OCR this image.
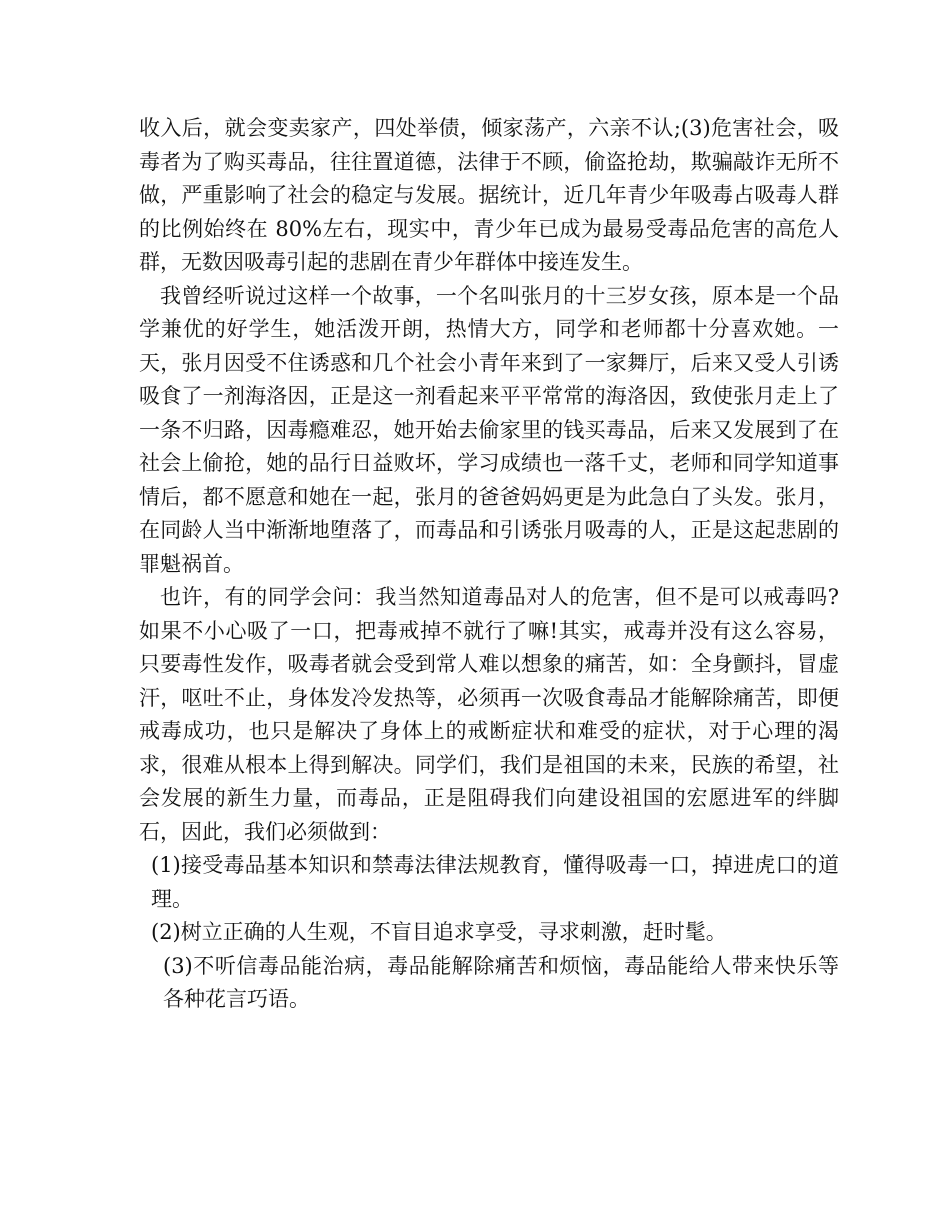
收入后，就会变卖家产，四处举债，倾家荡产，六亲不认;(3)危害社会，吸毒者为了购买毒品，往往置道德，法律于不顾，偷盗抢劫，欺骗敲诈无所不做，严重影响了社会的稳定与发展。据统计，近几年青少年吸毒占吸毒人群的比例始终在 80%左右，现实中，青少年已成为最易受毒品危害的高危人群，无数因吸毒引起的悲剧在青少年群体中接连发生。

我曾经听说过这样一个故事，一个名叫张月的十三岁女孩，原本是一个品学兼优的好学生，她活泼开朗，热情大方，同学和老师都十分喜欢她。一天，张月因受不住诱惑和几个社会小青年来到了一家舞厅，后来又受人引诱吸食了一剂海洛因，正是这一剂看起来平平常常的海洛因，致使张月走上了一条不归路，因毒瘾难忍，她开始去偷家里的钱买毒品，后来又发展到了在社会上偷抢，她的品行日益败坏，学习成绩也一落千丈，老师和同学知道事情后，都不愿意和她在一起，张月的爸爸妈妈更是为此急白了头发。张月，在同龄人当中渐渐地堕落了，而毒品和引诱张月吸毒的人，正是这起悲剧的罪魁祸首。

也许，有的同学会问：我当然知道毒品对人的危害，但不是可以戒毒吗?如果不小心吸了一口，把毒戒掉不就行了嘛!其实，戒毒并没有这么容易，只要毒性发作，吸毒者就会受到常人难以想象的痛苦，如：全身颤抖，冒虚汗，呕吐不止，身体发冷发热等，必须再一次吸食毒品才能解除痛苦，即便戒毒成功，也只是解决了身体上的戒断症状和难受的症状，对于心理的渴求，很难从根本上得到解决。同学们，我们是祖国的未来，民族的希望，社会发展的新生力量，而毒品，正是阻碍我们向建设祖国的宏愿进军的绊脚石，因此，我们必须做到：

(1)接受毒品基本知识和禁毒法律法规教育，懂得吸毒一口，掉进虎口的道理。

(2)树立正确的人生观，不盲目追求享受，寻求刺激，赶时髦。

(3)不听信毒品能治病，毒品能解除痛苦和烦恼，毒品能给人带来快乐等各种花言巧语。
